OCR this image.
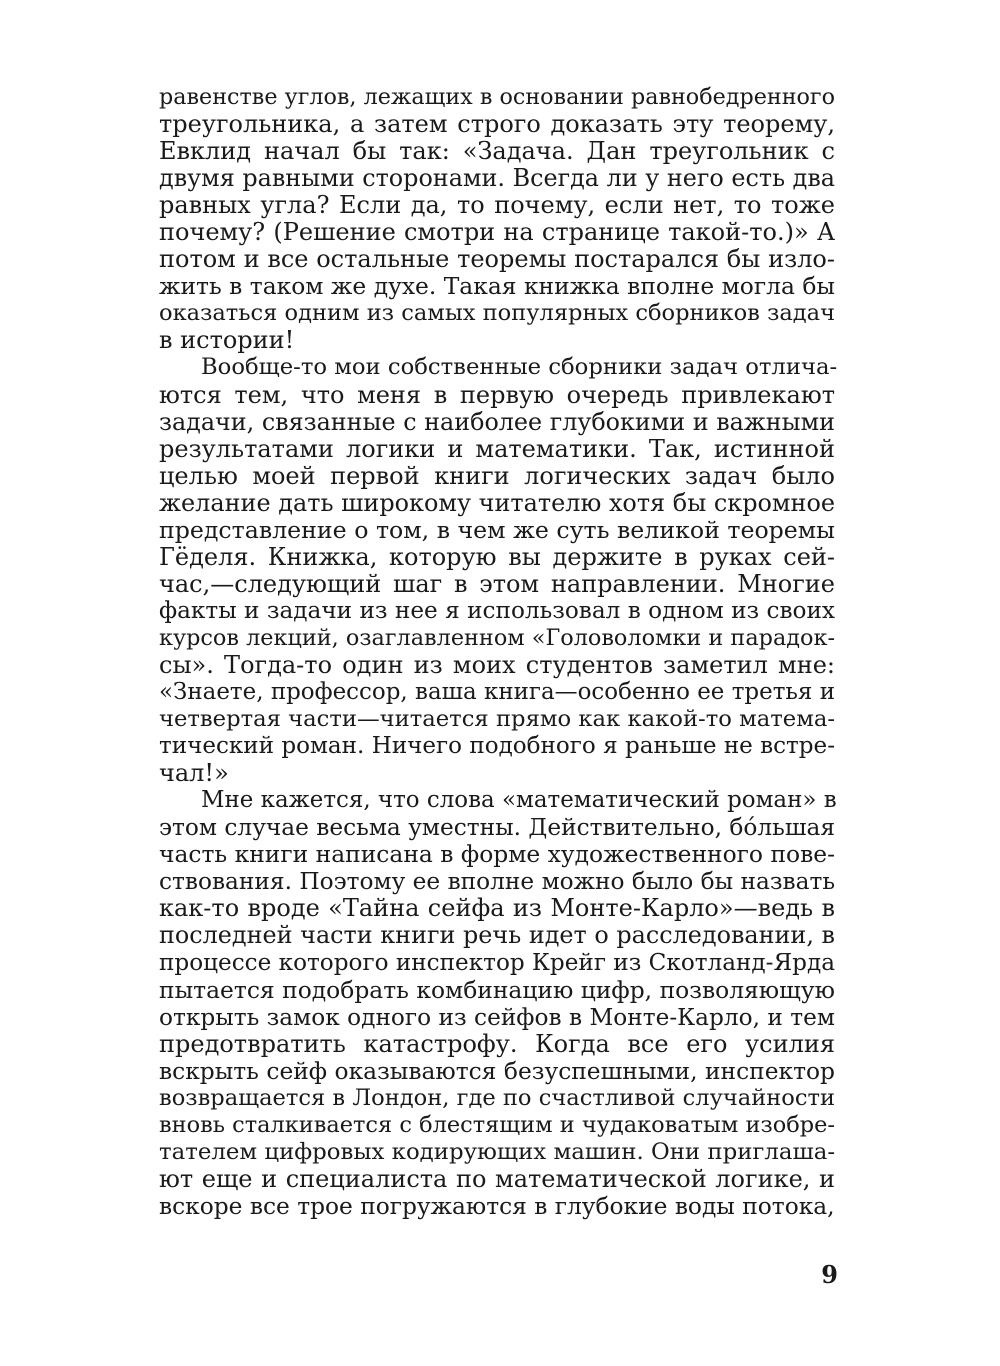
равенстве углов, лежащих в основании равнобедренного
треугольника, а затем строго доказать эту теорему,
Евклид начал бы так: «Задача. Дан треугольник с
двумя равными сторонами. Всегда ли у него есть два
равных угла? Если да, то почему, если нет, то тоже
почему? (Решение смотри на странице такой-то.)» А
потом и все остальные теоремы постарался бы изло-
жить в таком же духе. Такая книжка вполне могла бы
оказаться одним из самых популярных сборников задач
в истории!
Вообще-то мои собственные сборники задач отлича-
ются тем, что меня в первую очередь привлекают
задачи, связанные с наиболее глубокими и важными
результатами логики и математики. Так, истинной
целью моей первой книги логических задач было
желание дать широкому читателю хотя бы скромное
представление о том, в чем же суть великой теоремы
Гёделя. Книжка, которую вы держите в руках сей-
час,—следующий шаг в этом направлении. Многие
факты и задачи из нее я использовал в одном из своих
курсов лекций, озаглавленном «Головоломки и парадок-
сы». Тогда-то один из моих студентов заметил мне:
«Знаете, профессор, ваша книга—особенно ее третья и
четвертая части—читается прямо как какой-то матема-
тический роман. Ничего подобного я раньше не встре-
чал!»
Мне кажется, что слова «математический роман» в
этом случае весьма уместны. Действительно, бóльшая
часть книги написана в форме художественного пове-
ствования. Поэтому ее вполне можно было бы назвать
как-то вроде «Тайна сейфа из Монте-Карло»—ведь в
последней части книги речь идет о расследовании, в
процессе которого инспектор Крейг из Скотланд-Ярда
пытается подобрать комбинацию цифр, позволяющую
открыть замок одного из сейфов в Монте-Карло, и тем
предотвратить катастрофу. Когда все его усилия
вскрыть сейф оказываются безуспешными, инспектор
возвращается в Лондон, где по счастливой случайности
вновь сталкивается с блестящим и чудаковатым изобре-
тателем цифровых кодирующих машин. Они приглаша-
ют еще и специалиста по математической логике, и
вскоре все трое погружаются в глубокие воды потока,
9
